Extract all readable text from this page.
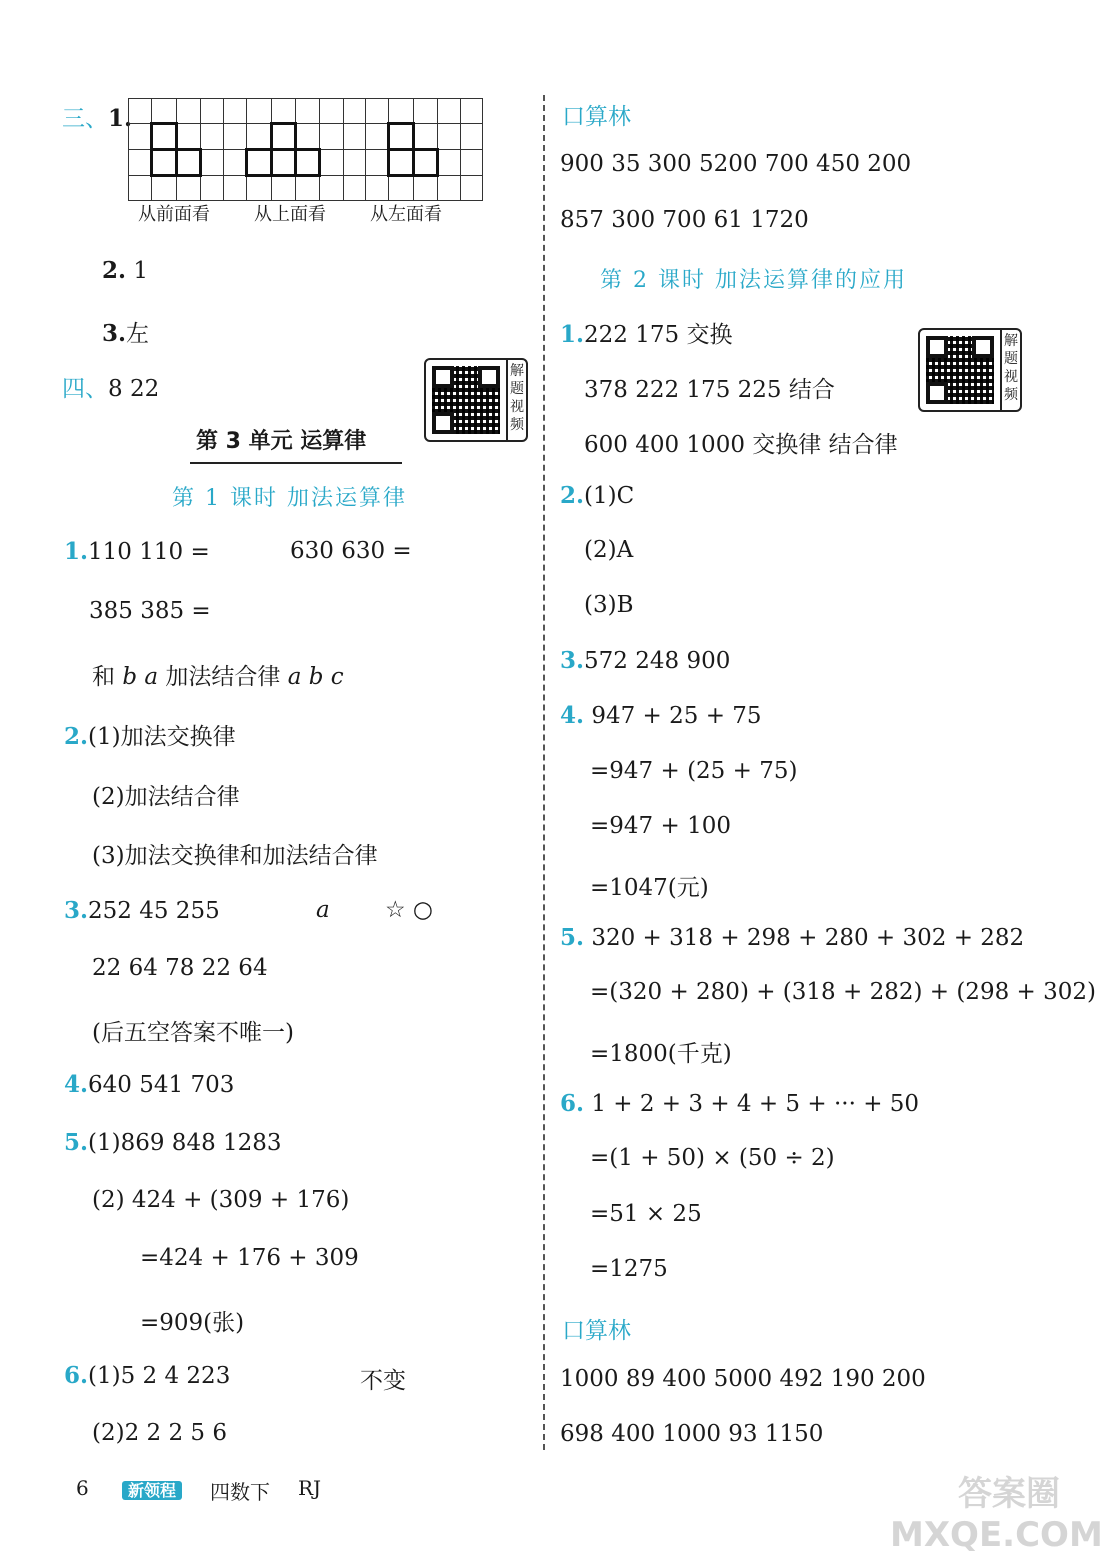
三、1.

从前面看 从上面看 从左面看
2. 1
3.左
四、8 22
解题视频
第 3 单元 运算律
第 1 课时 加法运算律
1.110 110 =	630 630 =
385 385 =
和 b a 加法结合律 a b c
2.(1)加法交换律
(2)加法结合律
(3)加法交换律和加法结合律
3.252 45 255	a ☆ ○
22 64 78 22 64
(后五空答案不唯一)
4.640 541 703
5.(1)869 848 1283
(2) 424 + (309 + 176)
=424 + 176 + 309
=909(张)
6.(1)5 2 4 223	不变
(2)2 2 2 5 6
口算林
900 35 300 5200 700 450 200
857 300 700 61 1720
第 2 课时 加法运算律的应用
1.222 175 交换
378 222 175 225 结合
600 400 1000 交换律 结合律
解题视频
2.(1)C
(2)A
(3)B
3.572 248 900
4. 947 + 25 + 75
=947 + (25 + 75)
=947 + 100
=1047(元)
5. 320 + 318 + 298 + 280 + 302 + 282
=(320 + 280) + (318 + 282) + (298 + 302)
=1800(千克)
6. 1 + 2 + 3 + 4 + 5 + ··· + 50
=(1 + 50) × (50 ÷ 2)
=51 × 25
=1275
口算林
1000 89 400 5000 492 190 200
698 400 1000 93 1150
6	新领程	四数下 RJ	答案圈 MXQE.COM
